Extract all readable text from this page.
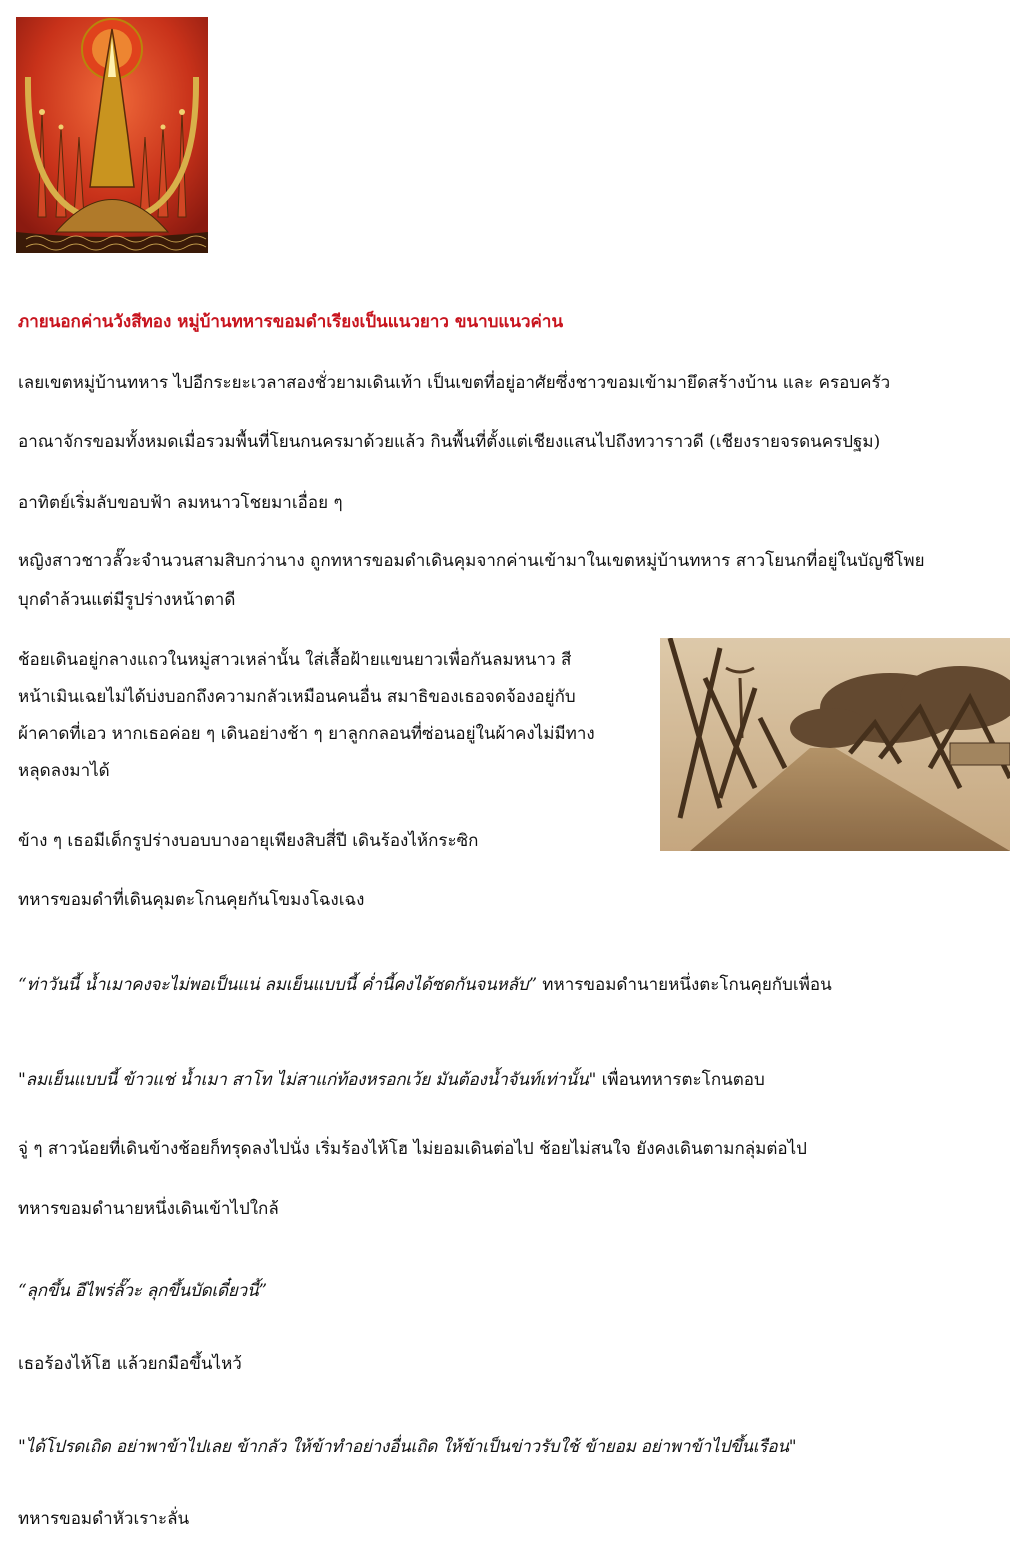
ภายนอกค่านวังสีทอง หมู่บ้านทหารขอมดำเรียงเป็นแนวยาว ขนาบแนวค่าน

เลยเขตหมู่บ้านทหาร ไปอีกระยะเวลาสองชั่วยามเดินเท้า เป็นเขตที่อยู่อาศัยซึ่งชาวขอมเข้ามายึดสร้างบ้าน และ ครอบครัว

อาณาจักรขอมทั้งหมดเมื่อรวมพื้นที่โยนกนครมาด้วยแล้ว กินพื้นที่ตั้งแต่เชียงแสนไปถึงทวาราวดี (เชียงรายจรดนครปฐม)

อาทิตย์เริ่มลับขอบฟ้า ลมหนาวโชยมาเอื่อย ๆ

หญิงสาวชาวลั๊วะจำนวนสามสิบกว่านาง ถูกทหารขอมดำเดินคุมจากค่านเข้ามาในเขตหมู่บ้านทหาร สาวโยนกที่อยู่ในบัญชีโพย

บุกดำล้วนแต่มีรูปร่างหน้าตาดี

ช้อยเดินอยู่กลางแถวในหมู่สาวเหล่านั้น ใส่เสื้อฝ้ายแขนยาวเพื่อกันลมหนาว สี

หน้าเมินเฉยไม่ได้บ่งบอกถึงความกลัวเหมือนคนอื่น สมาธิของเธอจดจ้องอยู่กับ

ผ้าคาดที่เอว หากเธอค่อย ๆ เดินอย่างช้า ๆ ยาลูกกลอนที่ซ่อนอยู่ในผ้าคงไม่มีทาง

หลุดลงมาได้

ข้าง ๆ เธอมีเด็กรูปร่างบอบบางอายุเพียงสิบสี่ปี เดินร้องไห้กระซิก

ทหารขอมดำที่เดินคุมตะโกนคุยกันโขมงโฉงเฉง

“ท่าวันนี้ น้ำเมาคงจะไม่พอเป็นแน่ ลมเย็นแบบนี้ ค่ำนี้คงได้ซดกันจนหลับ” ทหารขอมดำนายหนึ่งตะโกนคุยกับเพื่อน

"ลมเย็นแบบนี้ ข้าวแช่ น้ำเมา สาโท ไม่สาแก่ท้องหรอกเว้ย มันต้องน้ำจันท์เท่านั้น" เพื่อนทหารตะโกนตอบ

จู่ ๆ สาวน้อยที่เดินข้างช้อยก็ทรุดลงไปนั่ง เริ่มร้องไห้โฮ ไม่ยอมเดินต่อไป ช้อยไม่สนใจ ยังคงเดินตามกลุ่มต่อไป

ทหารขอมดำนายหนึ่งเดินเข้าไปใกล้

“ลุกขึ้น อีไพร่ลั๊วะ ลุกขึ้นบัดเดี๋ยวนี้”

เธอร้องไห้โฮ แล้วยกมือขึ้นไหว้

"ได้โปรดเถิด อย่าพาข้าไปเลย ข้ากลัว ให้ข้าทำอย่างอื่นเถิด ให้ข้าเป็นข่าวรับใช้ ข้ายอม อย่าพาข้าไปขึ้นเรือน"

ทหารขอมดำหัวเราะลั่น
